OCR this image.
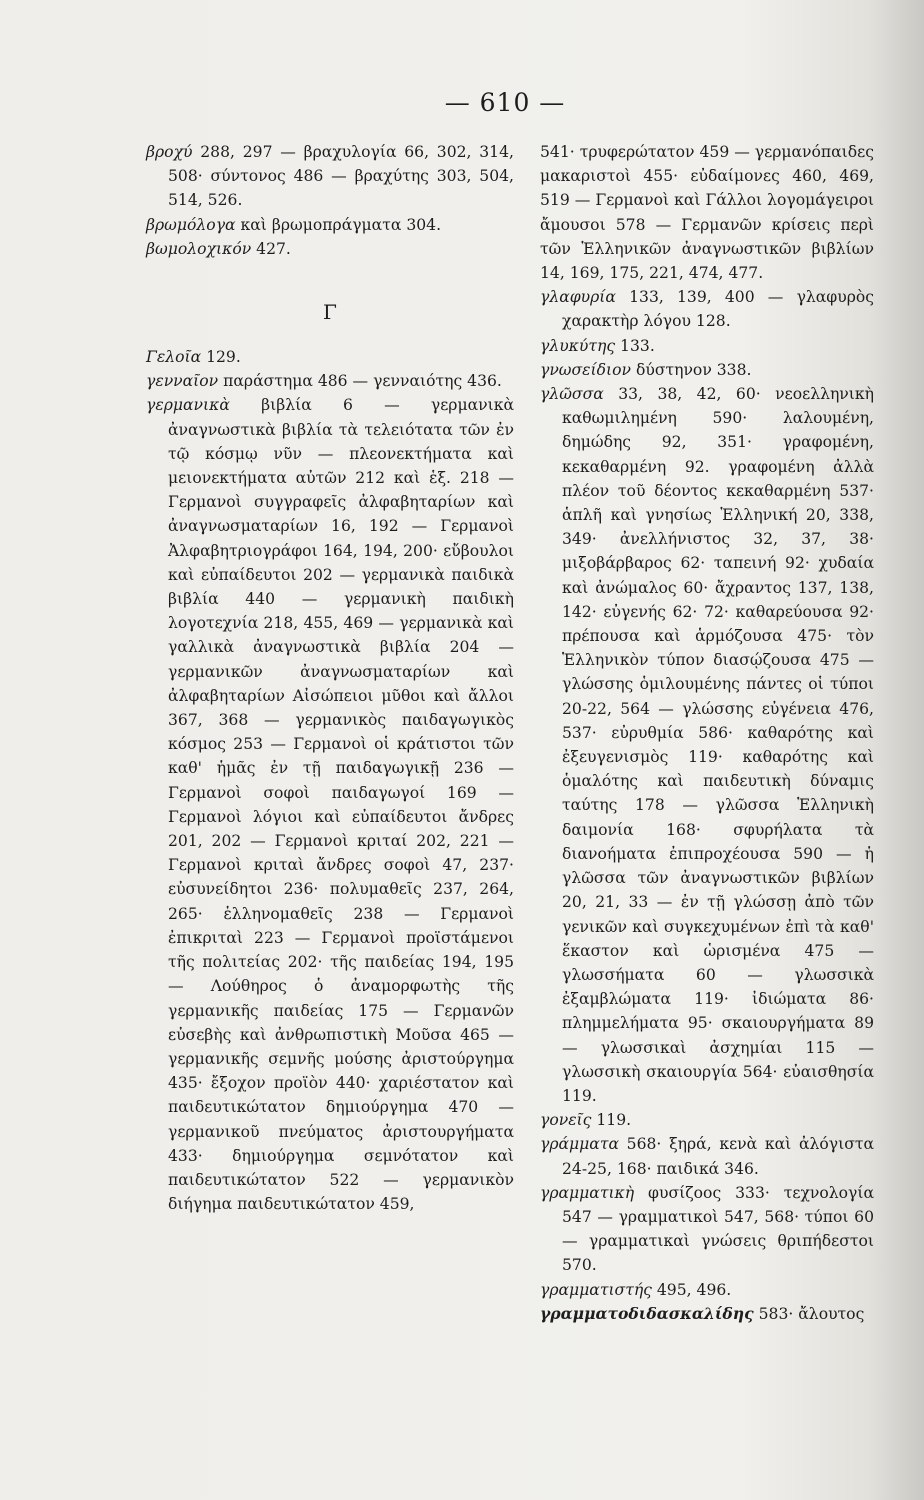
— 610 —

βροχύ 288, 297 — βραχυλογία 66, 302, 314, 508· σύντονος 486 — βραχύτης 303, 504, 514, 526.

βρωμόλογα καὶ βρωμοπράγματα 304.

βωμολοχικόν 427.

Γ

Γελοῖα 129.

γενναῖον παράστημα 486 — γενναιότης 436.

γερμανικὰ βιβλία 6 — γερμανικὰ ἀναγνωστικὰ βιβλία τὰ τελειότατα τῶν ἐν τῷ κόσμῳ νῦν — πλεονεκτήματα καὶ μειονεκτήματα αὐτῶν 212 καὶ ἑξ. 218 — Γερμανοὶ συγγραφεῖς ἀλφαβηταρίων καὶ ἀναγνωσματαρίων 16, 192 — Γερμανοὶ Ἀλφαβητριογράφοι 164, 194, 200· εὔβουλοι καὶ εὐπαίδευτοι 202 — γερμανικὰ παιδικὰ βιβλία 440 — γερμανικὴ παιδικὴ λογοτεχνία 218, 455, 469 — γερμανικὰ καὶ γαλλικὰ ἀναγνωστικὰ βιβλία 204 — γερμανικῶν ἀναγνωσματαρίων καὶ ἀλφαβηταρίων Αἰσώπειοι μῦθοι καὶ ἄλλοι 367, 368 — γερμανικὸς παιδαγωγικὸς κόσμος 253 — Γερμανοὶ οἱ κράτιστοι τῶν καθ' ἡμᾶς ἐν τῇ παιδαγωγικῇ 236 — Γερμανοὶ σοφοὶ παιδαγωγοί 169 — Γερμανοὶ λόγιοι καὶ εὐπαίδευτοι ἄνδρες 201, 202 — Γερμανοὶ κριταί 202, 221 — Γερμανοὶ κριταὶ ἄνδρες σοφοὶ 47, 237· εὐσυνείδητοι 236· πολυμαθεῖς 237, 264, 265· ἑλληνομαθεῖς 238 — Γερμανοὶ ἐπικριταὶ 223 — Γερμανοὶ προϊστάμενοι τῆς πολιτείας 202· τῆς παιδείας 194, 195 — Λούθηρος ὁ ἀναμορφωτὴς τῆς γερμανικῆς παιδείας 175 — Γερμανῶν εὐσεβὴς καὶ ἀνθρωπιστικὴ Μοῦσα 465 — γερμανικῆς σεμνῆς μούσης ἀριστούργημα 435· ἔξοχον προϊὸν 440· χαριέστατον καὶ παιδευτικώτατον δημιούργημα 470 — γερμανικοῦ πνεύματος ἀριστουργήματα 433· δημιούργημα σεμνότατον καὶ παιδευτικώτατον 522 — γερμανικὸν διήγημα παιδευτικώτατον 459,

541· τρυφερώτατον 459 — γερμανόπαιδες μακαριστοὶ 455· εὐδαίμονες 460, 469, 519 — Γερμανοὶ καὶ Γάλλοι λογομάγειροι ἄμουσοι 578 — Γερμανῶν κρίσεις περὶ τῶν Ἑλληνικῶν ἀναγνωστικῶν βιβλίων 14, 169, 175, 221, 474, 477.

γλαφυρία 133, 139, 400 — γλαφυρὸς χαρακτὴρ λόγου 128.

γλυκύτης 133.

γνωσείδιον δύστηνον 338.

γλῶσσα 33, 38, 42, 60· νεοελληνικὴ καθωμιλημένη 590· λαλουμένη, δημώδης 92, 351· γραφομένη, κεκαθαρμένη 92. γραφομένη ἀλλὰ πλέον τοῦ δέοντος κεκαθαρμένη 537· ἁπλῆ καὶ γνησίως Ἑλληνική 20, 338, 349· ἀνελλήνιστος 32, 37, 38· μιξοβάρβαρος 62· ταπεινή 92· χυδαία καὶ ἀνώμαλος 60· ἄχραντος 137, 138, 142· εὐγενής 62· 72· καθαρεύουσα 92· πρέπουσα καὶ ἁρμόζουσα 475· τὸν Ἑλληνικὸν τύπον διασῴζουσα 475 — γλώσσης ὁμιλουμένης πάντες οἱ τύποι 20-22, 564 — γλώσσης εὐγένεια 476, 537· εὐρυθμία 586· καθαρότης καὶ ἐξευγενισμὸς 119· καθαρότης καὶ ὁμαλότης καὶ παιδευτικὴ δύναμις ταύτης 178 — γλῶσσα Ἑλληνικὴ δαιμονία 168· σφυρήλατα τὰ διανοήματα ἐπιπροχέουσα 590 — ἡ γλῶσσα τῶν ἀναγνωστικῶν βιβλίων 20, 21, 33 — ἐν τῇ γλώσσῃ ἀπὸ τῶν γενικῶν καὶ συγκεχυμένων ἐπὶ τὰ καθ' ἕκαστον καὶ ὡρισμένα 475 — γλωσσήματα 60 — γλωσσικὰ ἐξαμβλώματα 119· ἰδιώματα 86· πλημμελήματα 95· σκαιουργήματα 89 — γλωσσικαὶ ἀσχημίαι 115 — γλωσσικὴ σκαιουργία 564· εὐαισθησία 119.

γονεῖς 119.

γράμματα 568· ξηρά, κενὰ καὶ ἀλόγιστα 24-25, 168· παιδικά 346.

γραμματικὴ φυσίζοος 333· τεχνολογία 547 — γραμματικοὶ 547, 568· τύποι 60 — γραμματικαὶ γνώσεις θριπήδεστοι 570.

γραμματιστής 495, 496.

γραμματοδιδασκαλίδης 583· ἄλουτος
